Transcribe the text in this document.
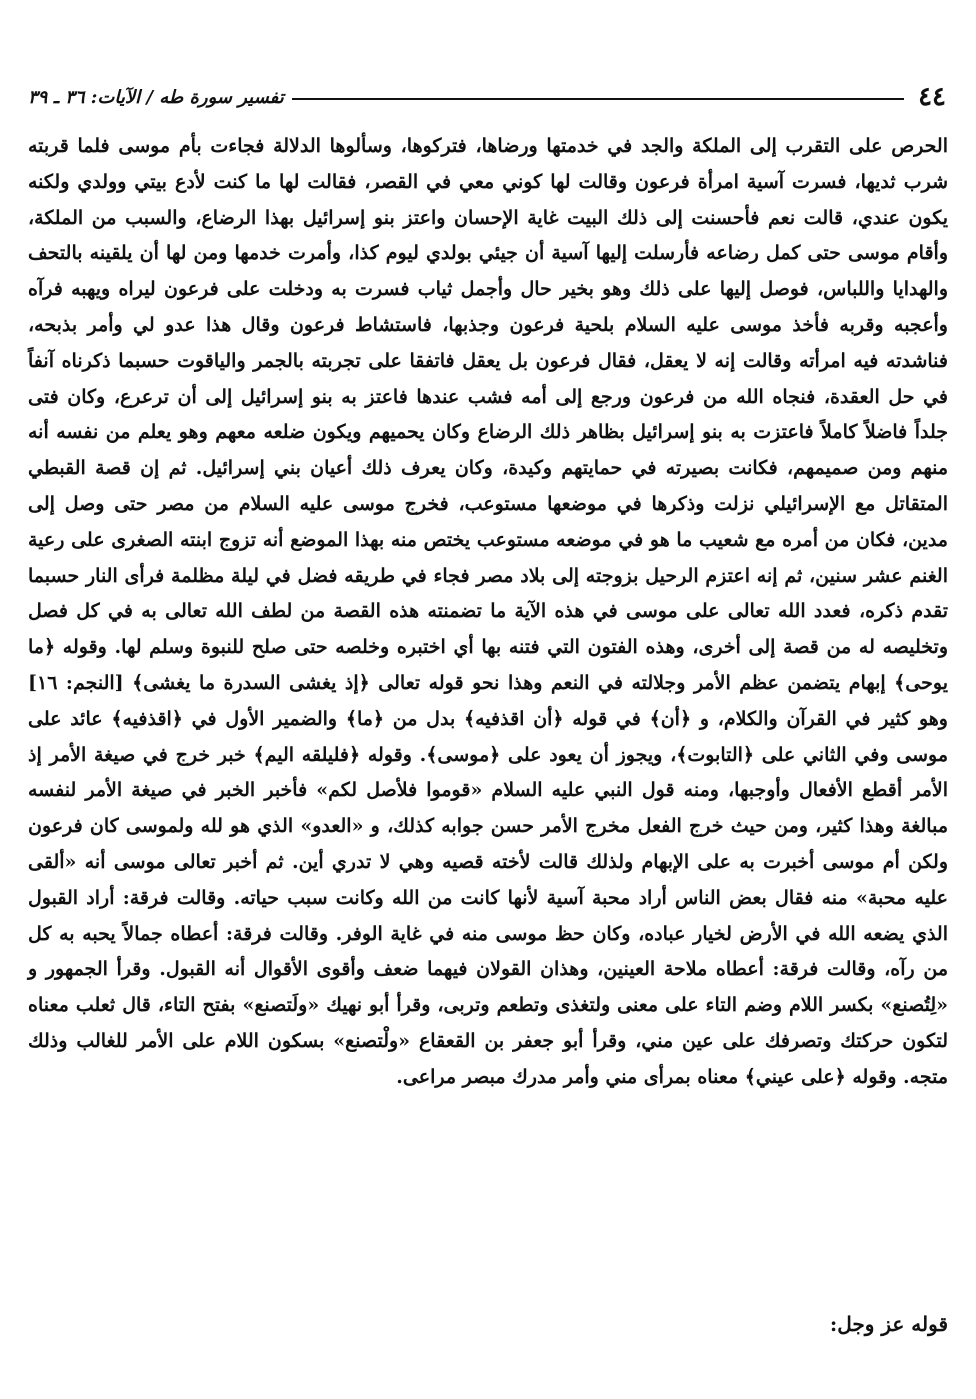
٤٤
تفسير سورة طه / الآيات: ٣٦ ـ ٣٩

الحرص على التقرب إلى الملكة والجد في خدمتها ورضاها، فتركوها، وسألوها الدلالة فجاءت بأم موسى فلما قربته شرب ثديها، فسرت آسية امرأة فرعون وقالت لها كوني معي في القصر، فقالت لها ما كنت لأدع بيتي وولدي ولكنه يكون عندي، قالت نعم فأحسنت إلى ذلك البيت غاية الإحسان واعتز بنو إسرائيل بهذا الرضاع، والسبب من الملكة، وأقام موسى حتى كمل رضاعه فأرسلت إليها آسية أن جيئي بولدي ليوم كذا، وأمرت خدمها ومن لها أن يلقينه بالتحف والهدايا واللباس، فوصل إليها على ذلك وهو بخير حال وأجمل ثياب فسرت به ودخلت على فرعون ليراه ويهبه فرآه وأعجبه وقربه فأخذ موسى عليه السلام بلحية فرعون وجذبها، فاستشاط فرعون وقال هذا عدو لي وأمر بذبحه، فناشدته فيه امرأته وقالت إنه لا يعقل، فقال فرعون بل يعقل فاتفقا على تجربته بالجمر والياقوت حسبما ذكرناه آنفاً في حل العقدة، فنجاه الله من فرعون ورجع إلى أمه فشب عندها فاعتز به بنو إسرائيل إلى أن ترعرع، وكان فتى جلداً فاضلاً كاملاً فاعتزت به بنو إسرائيل بظاهر ذلك الرضاع وكان يحميهم ويكون ضلعه معهم وهو يعلم من نفسه أنه منهم ومن صميمهم، فكانت بصيرته في حمايتهم وكيدة، وكان يعرف ذلك أعيان بني إسرائيل. ثم إن قصة القبطي المتقاتل مع الإسرائيلي نزلت وذكرها في موضعها مستوعب، فخرج موسى عليه السلام من مصر حتى وصل إلى مدين، فكان من أمره مع شعيب ما هو في موضعه مستوعب يختص منه بهذا الموضع أنه تزوج ابنته الصغرى على رعية الغنم عشر سنين، ثم إنه اعتزم الرحيل بزوجته إلى بلاد مصر فجاء في طريقه فضل في ليلة مظلمة فرأى النار حسبما تقدم ذكره، فعدد الله تعالى على موسى في هذه الآية ما تضمنته هذه القصة من لطف الله تعالى به في كل فصل وتخليصه له من قصة إلى أخرى، وهذه الفتون التي فتنه بها أي اختبره وخلصه حتى صلح للنبوة وسلم لها. وقوله ﴿ما يوحى﴾ إبهام يتضمن عظم الأمر وجلالته في النعم وهذا نحو قوله تعالى ﴿إذ يغشى السدرة ما يغشى﴾ [النجم: ١٦] وهو كثير في القرآن والكلام، و ﴿أن﴾ في قوله ﴿أن اقذفيه﴾ بدل من ﴿ما﴾ والضمير الأول في ﴿اقذفيه﴾ عائد على موسى وفي الثاني على ﴿التابوت﴾، ويجوز أن يعود على ﴿موسى﴾. وقوله ﴿فليلقه اليم﴾ خبر خرج في صيغة الأمر إذ الأمر أقطع الأفعال وأوجبها، ومنه قول النبي عليه السلام «قوموا فلأصل لكم» فأخبر الخبر في صيغة الأمر لنفسه مبالغة وهذا كثير، ومن حيث خرج الفعل مخرج الأمر حسن جوابه كذلك، و «العدو» الذي هو لله ولموسى كان فرعون ولكن أم موسى أخبرت به على الإبهام ولذلك قالت لأخته قصيه وهي لا تدري أين. ثم أخبر تعالى موسى أنه «ألقى عليه محبة» منه فقال بعض الناس أراد محبة آسية لأنها كانت من الله وكانت سبب حياته. وقالت فرقة: أراد القبول الذي يضعه الله في الأرض لخيار عباده، وكان حظ موسى منه في غاية الوفر. وقالت فرقة: أعطاه جمالاً يحبه به كل من رآه، وقالت فرقة: أعطاه ملاحة العينين، وهذان القولان فيهما ضعف وأقوى الأقوال أنه القبول. وقرأ الجمهور و «لِتُصنع» بكسر اللام وضم التاء على معنى ولتغذى وتطعم وتربى، وقرأ أبو نهيك «ولَتصنع» بفتح التاء، قال ثعلب معناه لتكون حركتك وتصرفك على عين مني، وقرأ أبو جعفر بن القعقاع «ولْتصنع» بسكون اللام على الأمر للغالب وذلك متجه. وقوله ﴿على عيني﴾ معناه بمرأى مني وأمر مدرك مبصر مراعى.

قوله عز وجل:
